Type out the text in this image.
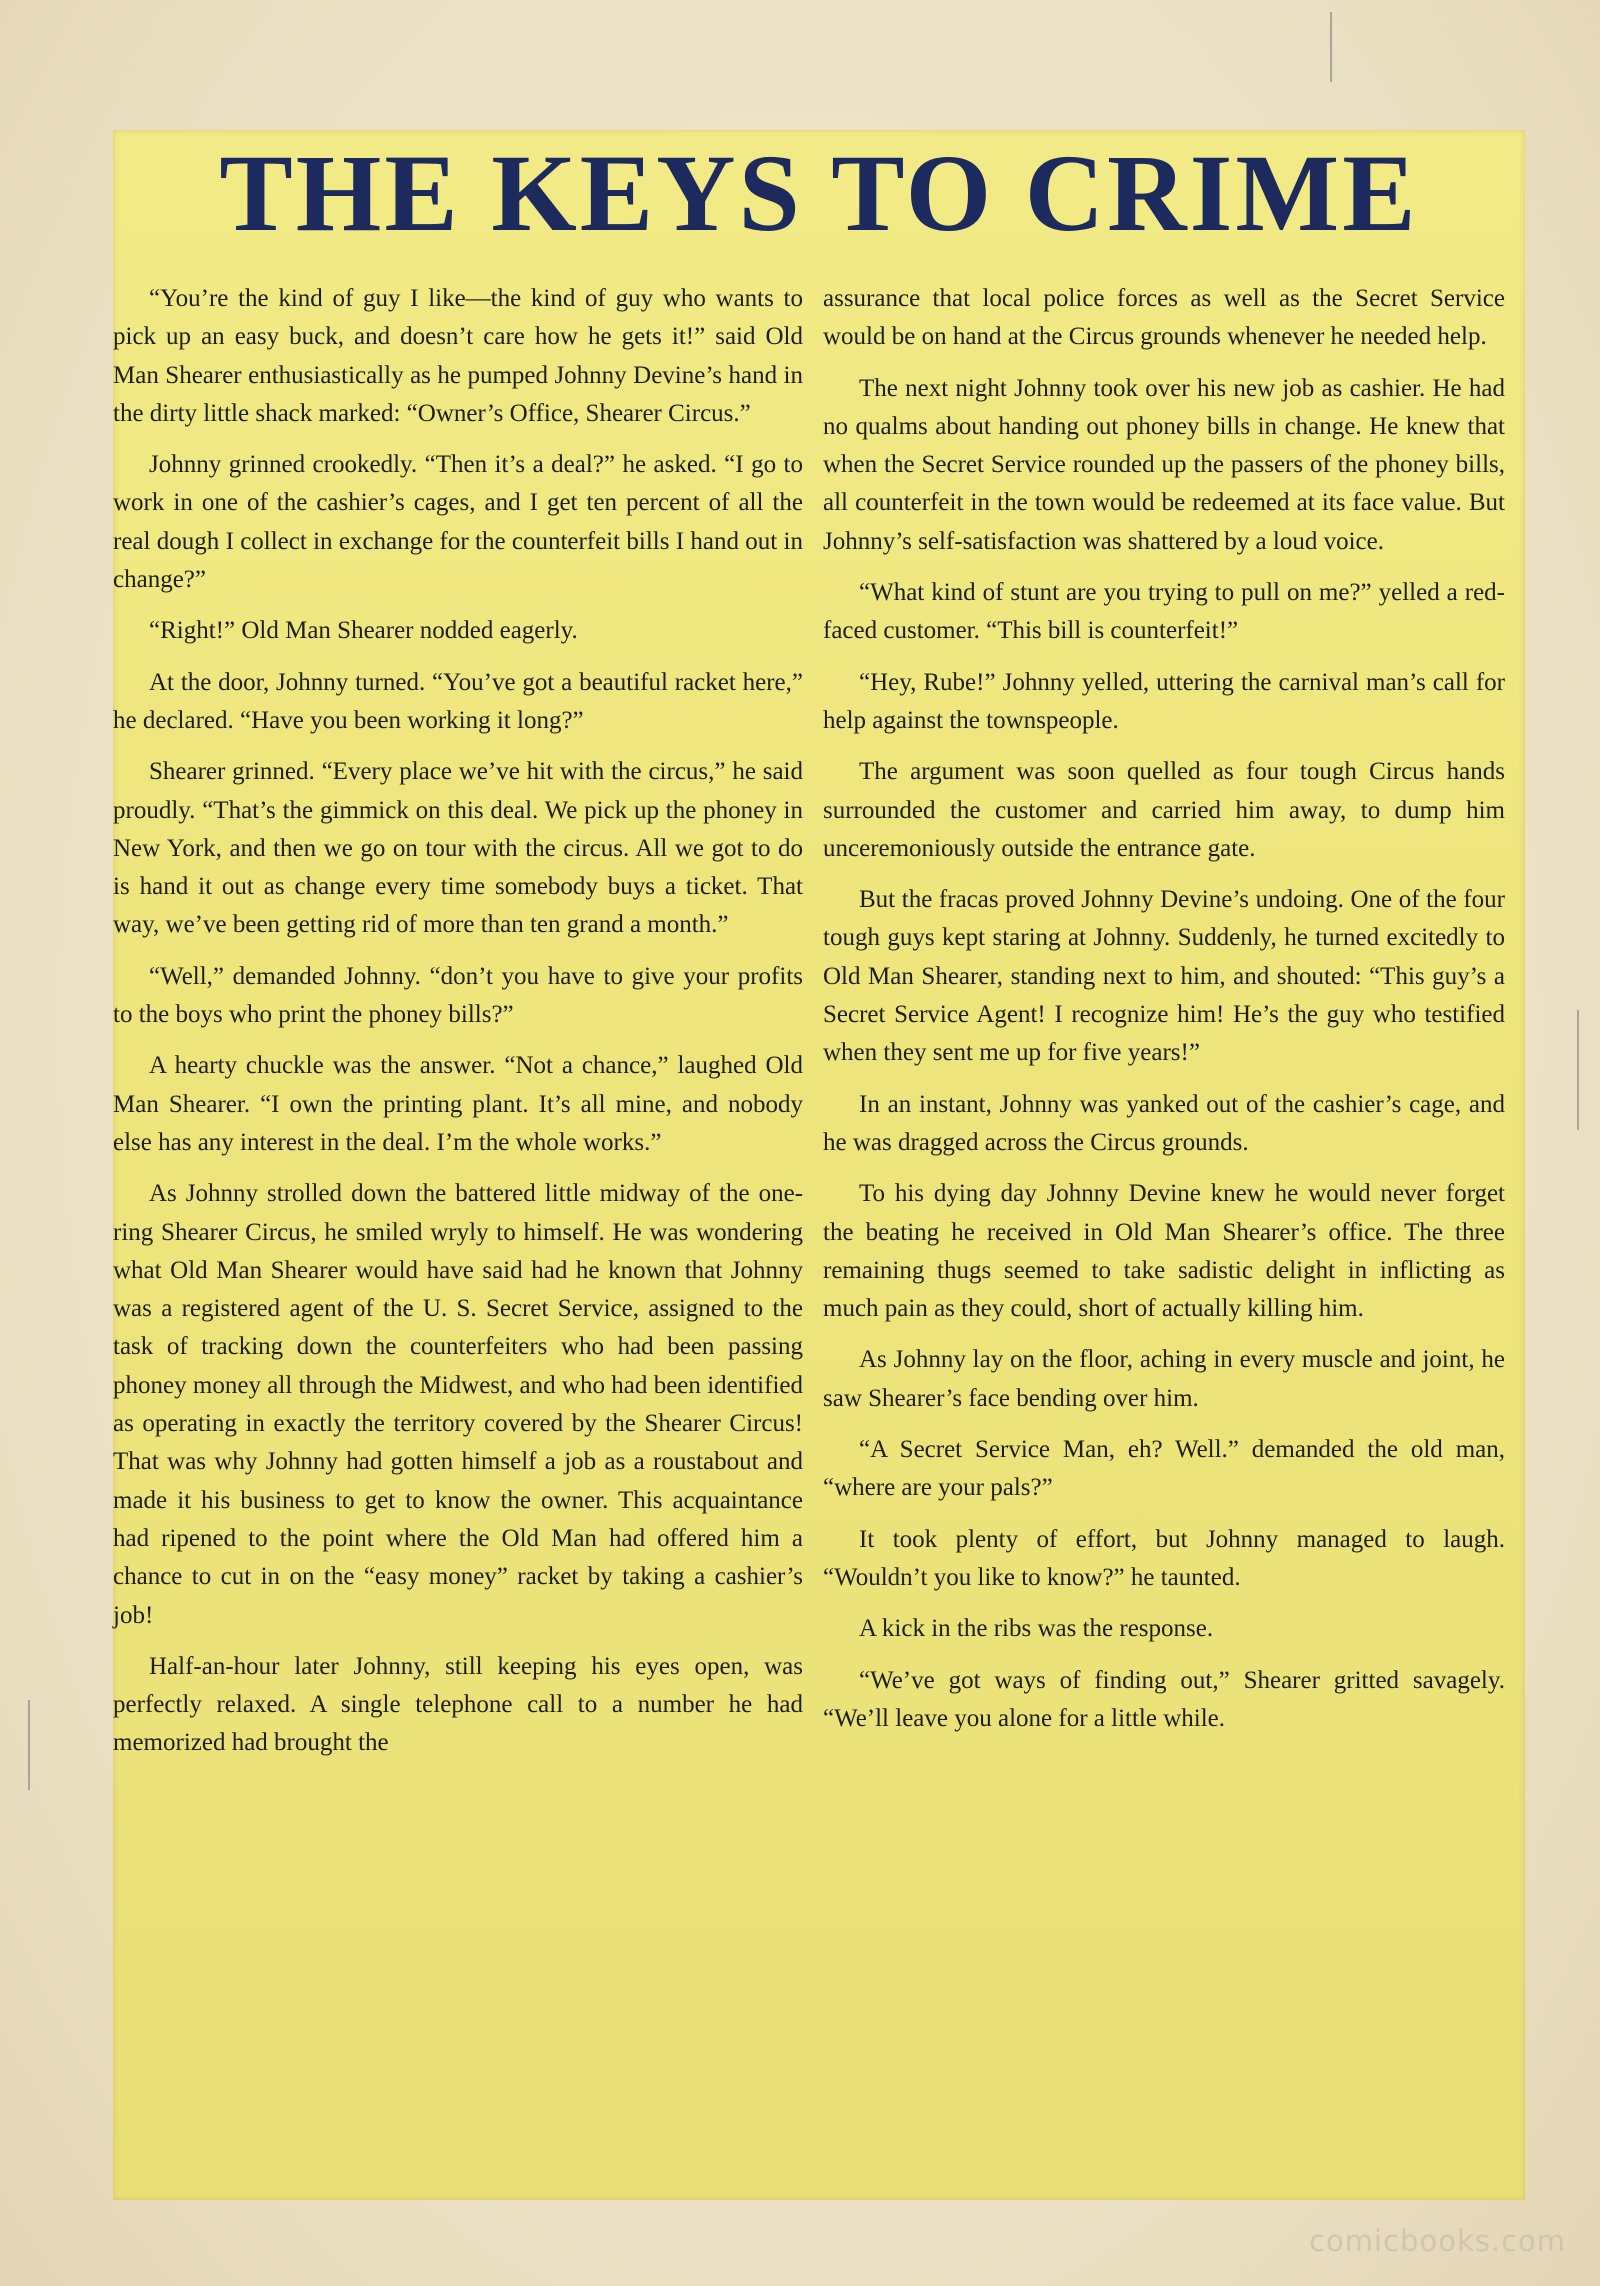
THE KEYS TO CRIME

“You’re the kind of guy I like—the kind of guy who wants to pick up an easy buck, and doesn’t care how he gets it!” said Old Man Shearer enthusiastically as he pumped Johnny Devine’s hand in the dirty little shack marked: “Owner’s Office, Shearer Circus.”

Johnny grinned crookedly. “Then it’s a deal?” he asked. “I go to work in one of the cashier’s cages, and I get ten percent of all the real dough I collect in exchange for the counterfeit bills I hand out in change?”

“Right!” Old Man Shearer nodded eagerly.

At the door, Johnny turned. “You’ve got a beautiful racket here,” he declared. “Have you been working it long?”

Shearer grinned. “Every place we’ve hit with the circus,” he said proudly. “That’s the gimmick on this deal. We pick up the phoney in New York, and then we go on tour with the circus. All we got to do is hand it out as change every time somebody buys a ticket. That way, we’ve been getting rid of more than ten grand a month.”

“Well,” demanded Johnny. “don’t you have to give your profits to the boys who print the phoney bills?”

A hearty chuckle was the answer. “Not a chance,” laughed Old Man Shearer. “I own the printing plant. It’s all mine, and nobody else has any interest in the deal. I’m the whole works.”

As Johnny strolled down the battered little midway of the one-ring Shearer Circus, he smiled wryly to himself. He was wondering what Old Man Shearer would have said had he known that Johnny was a registered agent of the U. S. Secret Service, assigned to the task of tracking down the counterfeiters who had been passing phoney money all through the Midwest, and who had been identified as operating in exactly the territory covered by the Shearer Circus! That was why Johnny had gotten himself a job as a roustabout and made it his business to get to know the owner. This acquaintance had ripened to the point where the Old Man had offered him a chance to cut in on the “easy money” racket by taking a cashier’s job!

Half-an-hour later Johnny, still keeping his eyes open, was perfectly relaxed. A single telephone call to a number he had memorized had brought the

assurance that local police forces as well as the Secret Service would be on hand at the Circus grounds whenever he needed help.

The next night Johnny took over his new job as cashier. He had no qualms about handing out phoney bills in change. He knew that when the Secret Service rounded up the passers of the phoney bills, all counterfeit in the town would be redeemed at its face value. But Johnny’s self-satisfaction was shattered by a loud voice.

“What kind of stunt are you trying to pull on me?” yelled a red-faced customer. “This bill is counterfeit!”

“Hey, Rube!” Johnny yelled, uttering the carnival man’s call for help against the townspeople.

The argument was soon quelled as four tough Circus hands surrounded the customer and carried him away, to dump him unceremoniously outside the entrance gate.

But the fracas proved Johnny Devine’s undoing. One of the four tough guys kept staring at Johnny. Suddenly, he turned excitedly to Old Man Shearer, standing next to him, and shouted: “This guy’s a Secret Service Agent! I recognize him! He’s the guy who testified when they sent me up for five years!”

In an instant, Johnny was yanked out of the cashier’s cage, and he was dragged across the Circus grounds.

To his dying day Johnny Devine knew he would never forget the beating he received in Old Man Shearer’s office. The three remaining thugs seemed to take sadistic delight in inflicting as much pain as they could, short of actually killing him.

As Johnny lay on the floor, aching in every muscle and joint, he saw Shearer’s face bending over him.

“A Secret Service Man, eh? Well.” demanded the old man, “where are your pals?”

It took plenty of effort, but Johnny managed to laugh. “Wouldn’t you like to know?” he taunted.

A kick in the ribs was the response.

“We’ve got ways of finding out,” Shearer gritted savagely. “We’ll leave you alone for a little while.

comicbooks.com
